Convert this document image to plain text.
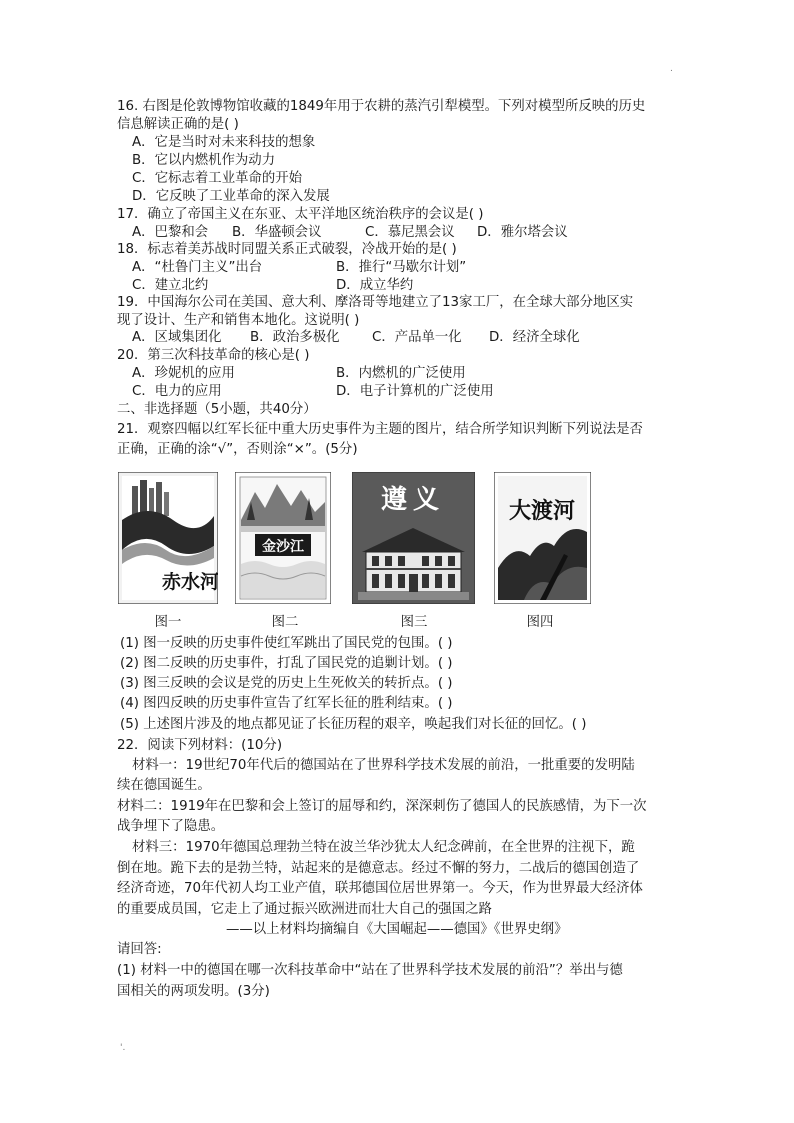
.
16. 右图是伦敦博物馆收藏的1849年用于农耕的蒸汽引犁模型。下列对模型所反映的历史
信息解读正确的是( )
A．它是当时对未来科技的想象
B．它以内燃机作为动力
C．它标志着工业革命的开始
D．它反映了工业革命的深入发展
17．确立了帝国主义在东亚、太平洋地区统治秩序的会议是( )
A．巴黎和会 B．华盛顿会议	C．慕尼黑会议 D．雅尔塔会议
18．标志着美苏战时同盟关系正式破裂，冷战开始的是( )
A．“杜鲁门主义”出台	B．推行“马歇尔计划”
C．建立北约	D．成立华约
19．中国海尔公司在美国、意大利、摩洛哥等地建立了13家工厂，在全球大部分地区实
现了设计、生产和销售本地化。这说明( )
A．区域集团化 B．政治多极化 C．产品单一化 D．经济全球化
20．第三次科技革命的核心是( )
A．珍妮机的应用	B．内燃机的广泛使用
C．电力的应用	D．电子计算机的广泛使用
二、非选择题（5小题，共40分）
21．观察四幅以红军长征中重大历史事件为主题的图片，结合所学知识判断下列说法是否
正确，正确的涂“√”，否则涂“×”。(5分)
赤水河
金沙江
遵义	大渡河
图一	图二	图三	图四
(1) 图一反映的历史事件使红军跳出了国民党的包围。( )
(2) 图二反映的历史事件，打乱了国民党的追剿计划。( )
(3) 图三反映的会议是党的历史上生死攸关的转折点。( )
(4) 图四反映的历史事件宣告了红军长征的胜利结束。( )
(5) 上述图片涉及的地点都见证了长征历程的艰辛，唤起我们对长征的回忆。( )
22．阅读下列材料：(10分)
材料一：19世纪70年代后的德国站在了世界科学技术发展的前沿，一批重要的发明陆
续在德国诞生。
材料二：1919年在巴黎和会上签订的屈辱和约，深深刺伤了德国人的民族感情，为下一次
战争埋下了隐患。
材料三：1970年德国总理勃兰特在波兰华沙犹太人纪念碑前，在全世界的注视下，跪
倒在地。跪下去的是勃兰特，站起来的是德意志。经过不懈的努力，二战后的德国创造了
经济奇迹，70年代初人均工业产值，联邦德国位居世界第一。今天，作为世界最大经济体
的重要成员国，它走上了通过振兴欧洲进而壮大自己的强国之路
——以上材料均摘编自《大国崛起——德国》《世界史纲》
请回答:
(1) 材料一中的德国在哪一次科技革命中“站在了世界科学技术发展的前沿”？举出与德
国相关的两项发明。(3分)
'.
